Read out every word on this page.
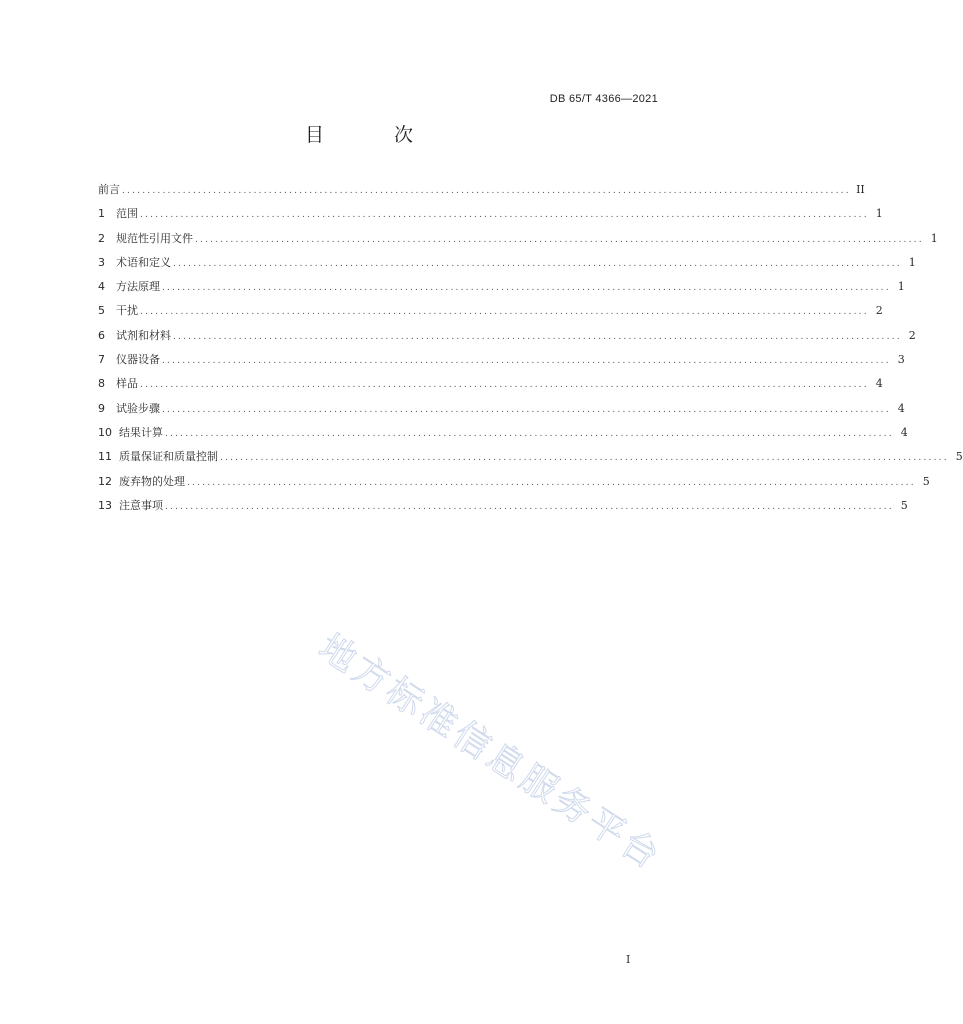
DB 65/T 4366—2021
目 次
前言 ................................................................................................................................................ II
1	范围 ................................................................................................................................................ 1
2	规范性引用文件 ................................................................................................................................................ 1
3	术语和定义 ................................................................................................................................................ 1
4	方法原理 ................................................................................................................................................ 1
5	干扰 ................................................................................................................................................ 2
6	试剂和材料 ................................................................................................................................................ 2
7	仪器设备 ................................................................................................................................................ 3
8	样品 ................................................................................................................................................ 4
9	试验步骤 ................................................................................................................................................ 4
10 结果计算 ................................................................................................................................................ 4
11 质量保证和质量控制 ................................................................................................................................................ 5
12 废弃物的处理 ................................................................................................................................................ 5
13 注意事项 ................................................................................................................................................ 5
地方标准信息服务平台
I
